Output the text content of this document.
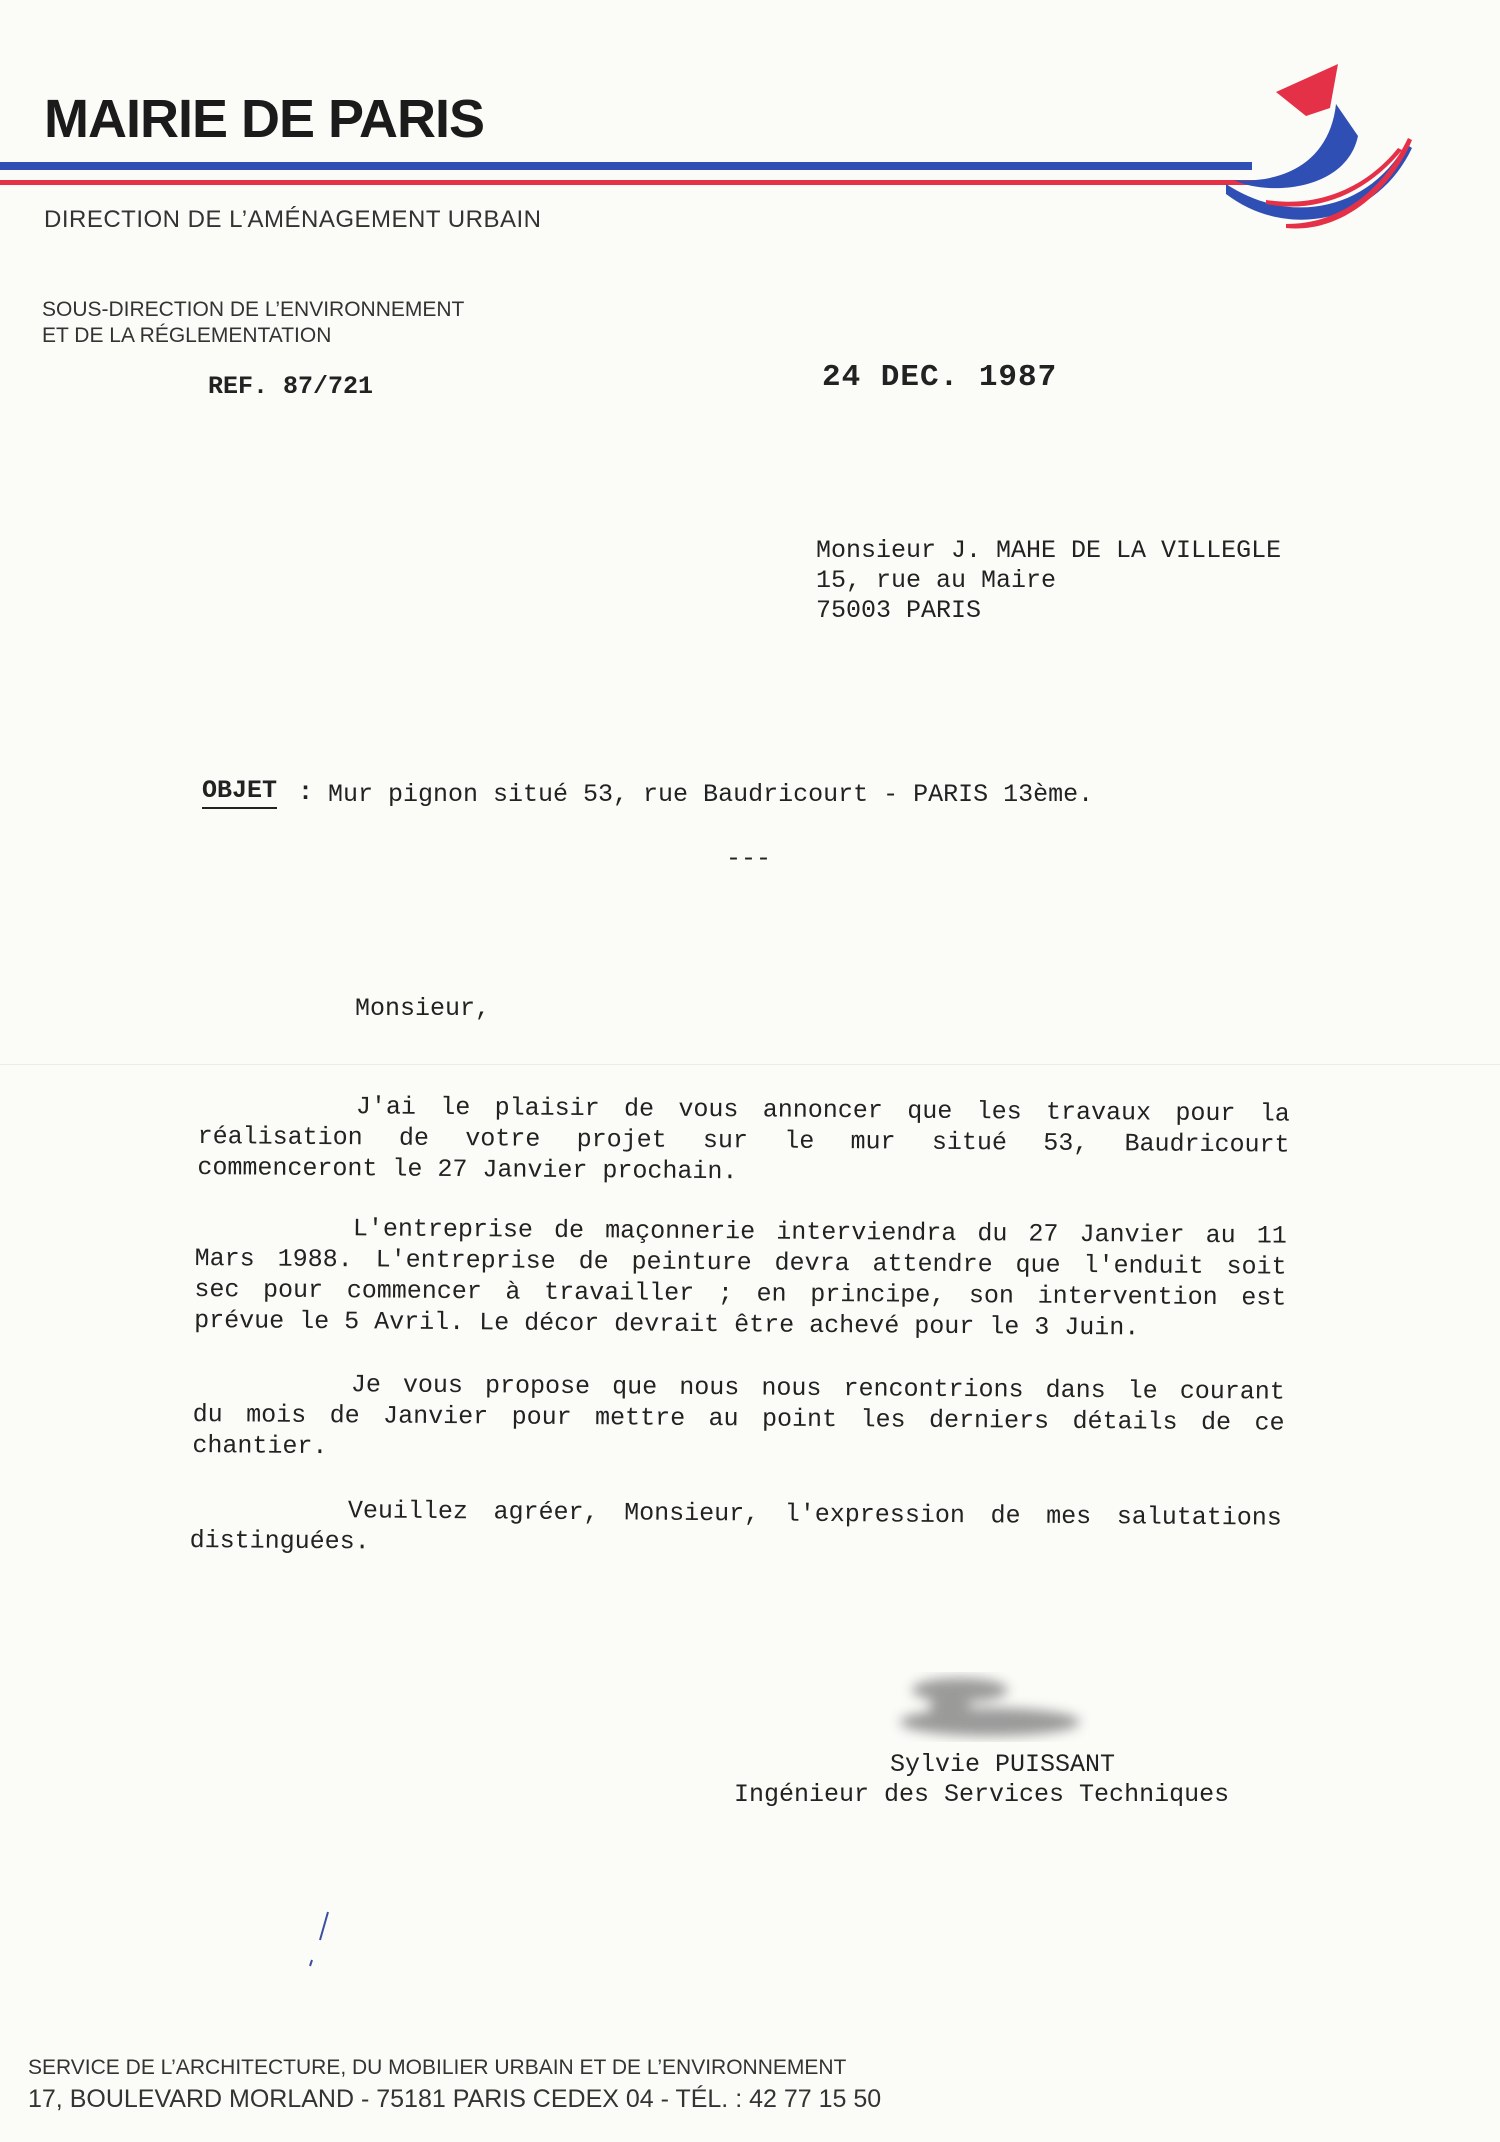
MAIRIE DE PARIS
DIRECTION DE L’AMÉNAGEMENT URBAIN
SOUS-DIRECTION DE L’ENVIRONNEMENT
ET DE LA RÉGLEMENTATION
REF. 87/721	24 DEC. 1987
Monsieur J. MAHE DE LA VILLEGLE
15, rue au Maire
75003 PARIS
OBJET : Mur pignon situé 53, rue Baudricourt - PARIS 13ème.
---
Monsieur,
J'ai le plaisir de vous annoncer que les travaux pour la
réalisation de votre projet sur le mur situé 53, Baudricourt
commenceront le 27 Janvier prochain.
L'entreprise de maçonnerie interviendra du 27 Janvier au 11
Mars 1988. L'entreprise de peinture devra attendre que l'enduit soit
sec pour commencer à travailler ; en principe, son intervention est
prévue le 5 Avril. Le décor devrait être achevé pour le 3 Juin.
Je vous propose que nous nous rencontrions dans le courant
du mois de Janvier pour mettre au point les derniers détails de ce
chantier.
Veuillez agréer, Monsieur, l'expression de mes salutations
distinguées.
Sylvie PUISSANT
Ingénieur des Services Techniques
SERVICE DE L’ARCHITECTURE, DU MOBILIER URBAIN ET DE L’ENVIRONNEMENT
17, BOULEVARD MORLAND - 75181 PARIS CEDEX 04 - TÉL. : 42 77 15 50
